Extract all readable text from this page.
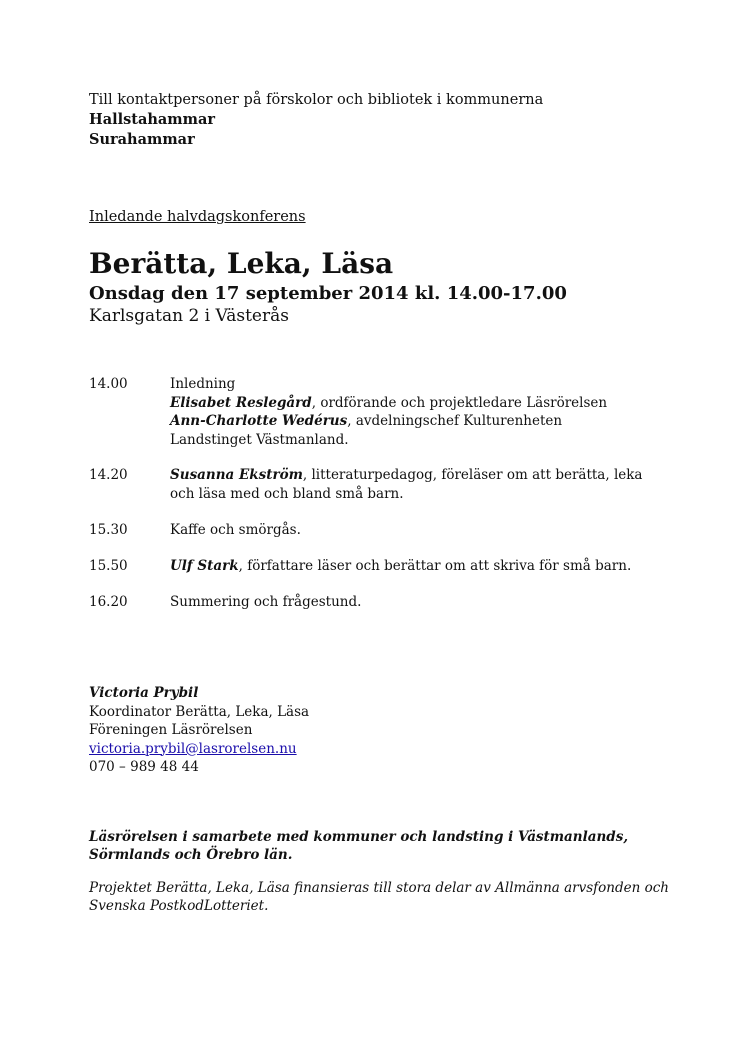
Till kontaktpersoner på förskolor och bibliotek i kommunerna
Hallstahammar
Surahammar
Inledande halvdagskonferens
Berätta, Leka, Läsa
Onsdag den 17 september 2014 kl. 14.00-17.00
Karlsgatan 2 i Västerås
14.00	Inledning
Elisabet Reslegård, ordförande och projektledare Läsrörelsen
Ann-Charlotte Wedérus, avdelningschef Kulturenheten
Landstinget Västmanland.
14.20	Susanna Ekström, litteraturpedagog, föreläser om att berätta, leka
och läsa med och bland små barn.
15.30	Kaffe och smörgås.
15.50	Ulf Stark, författare läser och berättar om att skriva för små barn.
16.20	Summering och frågestund.
Victoria Prybil
Koordinator Berätta, Leka, Läsa
Föreningen Läsrörelsen
victoria.prybil@lasrorelsen.nu
070 – 989 48 44
Läsrörelsen i samarbete med kommuner och landsting i Västmanlands, Sörmlands och Örebro län.
Projektet Berätta, Leka, Läsa finansieras till stora delar av Allmänna arvsfonden och Svenska PostkodLotteriet.
